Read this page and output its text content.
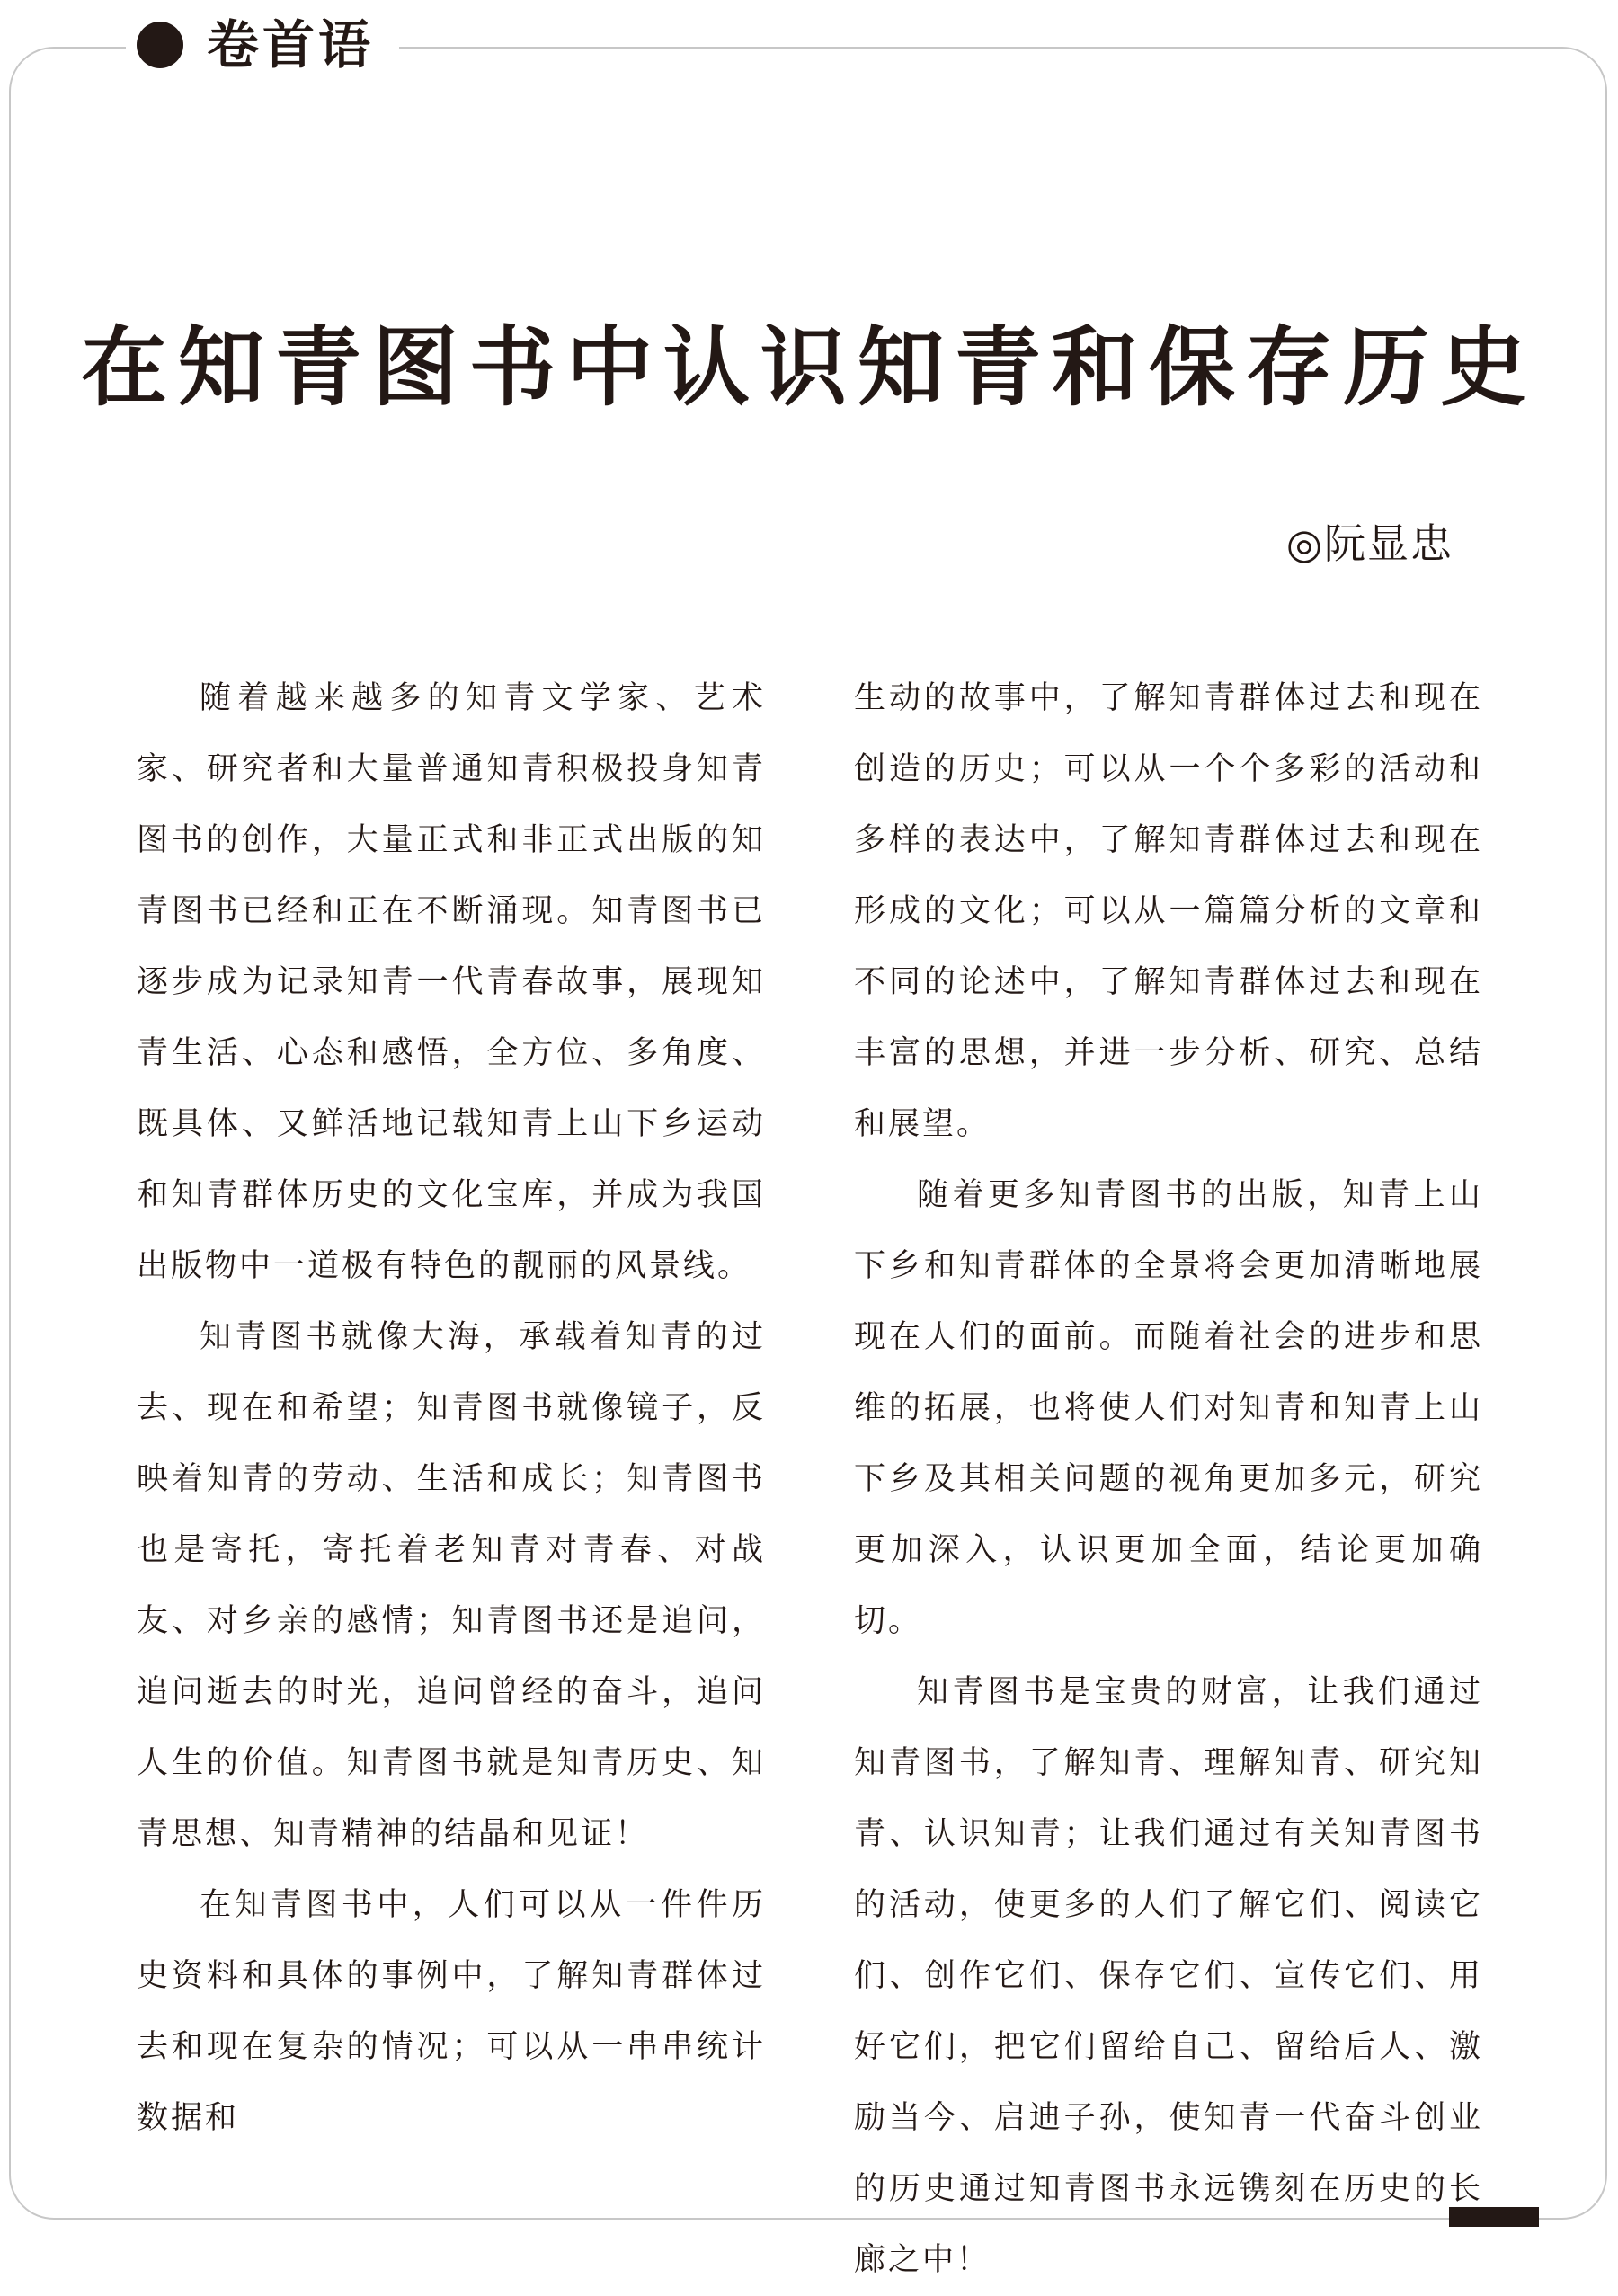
卷首语
在知青图书中认识知青和保存历史
◎阮显忠

随着越来越多的知青文学家、艺术家、研究者和大量普通知青积极投身知青图书的创作，大量正式和非正式出版的知青图书已经和正在不断涌现。知青图书已逐步成为记录知青一代青春故事，展现知青生活、心态和感悟，全方位、多角度、既具体、又鲜活地记载知青上山下乡运动和知青群体历史的文化宝库，并成为我国出版物中一道极有特色的靓丽的风景线。

知青图书就像大海，承载着知青的过去、现在和希望；知青图书就像镜子，反映着知青的劳动、生活和成长；知青图书也是寄托，寄托着老知青对青春、对战友、对乡亲的感情；知青图书还是追问，追问逝去的时光，追问曾经的奋斗，追问人生的价值。知青图书就是知青历史、知青思想、知青精神的结晶和见证！

在知青图书中，人们可以从一件件历史资料和具体的事例中，了解知青群体过去和现在复杂的情况；可以从一串串统计数据和

生动的故事中，了解知青群体过去和现在创造的历史；可以从一个个多彩的活动和多样的表达中，了解知青群体过去和现在形成的文化；可以从一篇篇分析的文章和不同的论述中，了解知青群体过去和现在丰富的思想，并进一步分析、研究、总结和展望。

随着更多知青图书的出版，知青上山下乡和知青群体的全景将会更加清晰地展现在人们的面前。而随着社会的进步和思维的拓展，也将使人们对知青和知青上山下乡及其相关问题的视角更加多元，研究更加深入，认识更加全面，结论更加确切。

知青图书是宝贵的财富，让我们通过知青图书，了解知青、理解知青、研究知青、认识知青；让我们通过有关知青图书的活动，使更多的人们了解它们、阅读它们、创作它们、保存它们、宣传它们、用好它们，把它们留给自己、留给后人、激励当今、启迪子孙，使知青一代奋斗创业的历史通过知青图书永远镌刻在历史的长廊之中！
